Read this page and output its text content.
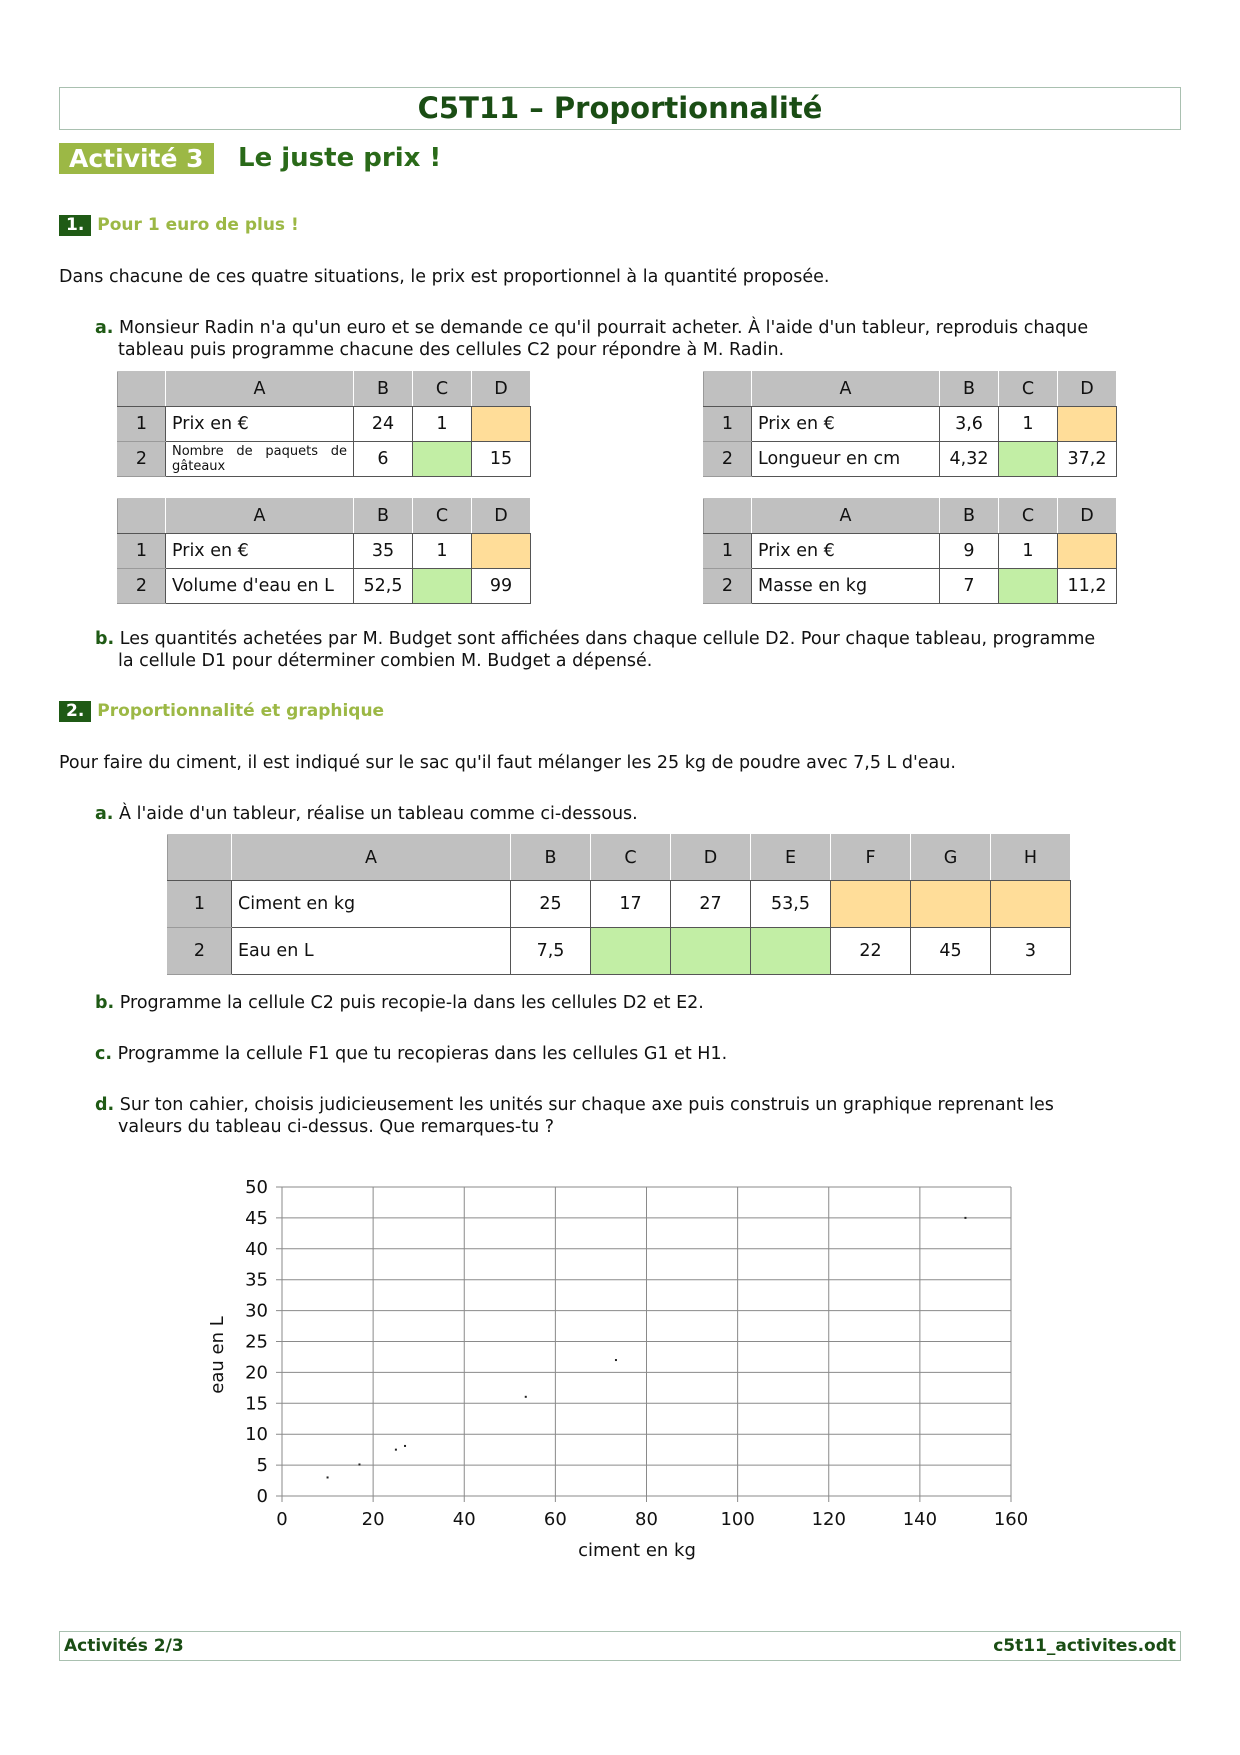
C5T11 – Proportionnalité
Activité 3	Le juste prix !
1. Pour 1 euro de plus !
Dans chacune de ces quatre situations, le prix est proportionnel à la quantité proposée.
a. Monsieur Radin n'a qu'un euro et se demande ce qu'il pourrait acheter. À l'aide d'un tableur, reproduis chaque
tableau puis programme chacune des cellules C2 pour répondre à M. Radin.
	A	B	C	D
1	Prix en €	24	1	
2	Nombre de paquets de gâteaux	6		15
	A	B	C	D
1	Prix en €	3,6	1	
2	Longueur en cm	4,32		37,2
	A	B	C	D
1	Prix en €	35	1	
2	Volume d'eau en L	52,5		99
	A	B	C	D
1	Prix en €	9	1	
2	Masse en kg	7		11,2
b. Les quantités achetées par M. Budget sont affichées dans chaque cellule D2. Pour chaque tableau, programme
la cellule D1 pour déterminer combien M. Budget a dépensé.
2. Proportionnalité et graphique
Pour faire du ciment, il est indiqué sur le sac qu'il faut mélanger les 25 kg de poudre avec 7,5 L d'eau.
a. À l'aide d'un tableur, réalise un tableau comme ci-dessous.
	A	B	C	D	E	F	G	H
1	Ciment en kg	25	17	27	53,5			
2	Eau en L	7,5				22	45	3
b. Programme la cellule C2 puis recopie-la dans les cellules D2 et E2.
c. Programme la cellule F1 que tu recopieras dans les cellules G1 et H1.
d. Sur ton cahier, choisis judicieusement les unités sur chaque axe puis construis un graphique reprenant les
valeurs du tableau ci-dessus. Que remarques-tu ?
0	20	40	60	80	100	120	140	160
0
5
10
15
20
25
30
35
40
45
50
ciment en kg
eau en L
Activités 2/3	c5t11_activites.odt
